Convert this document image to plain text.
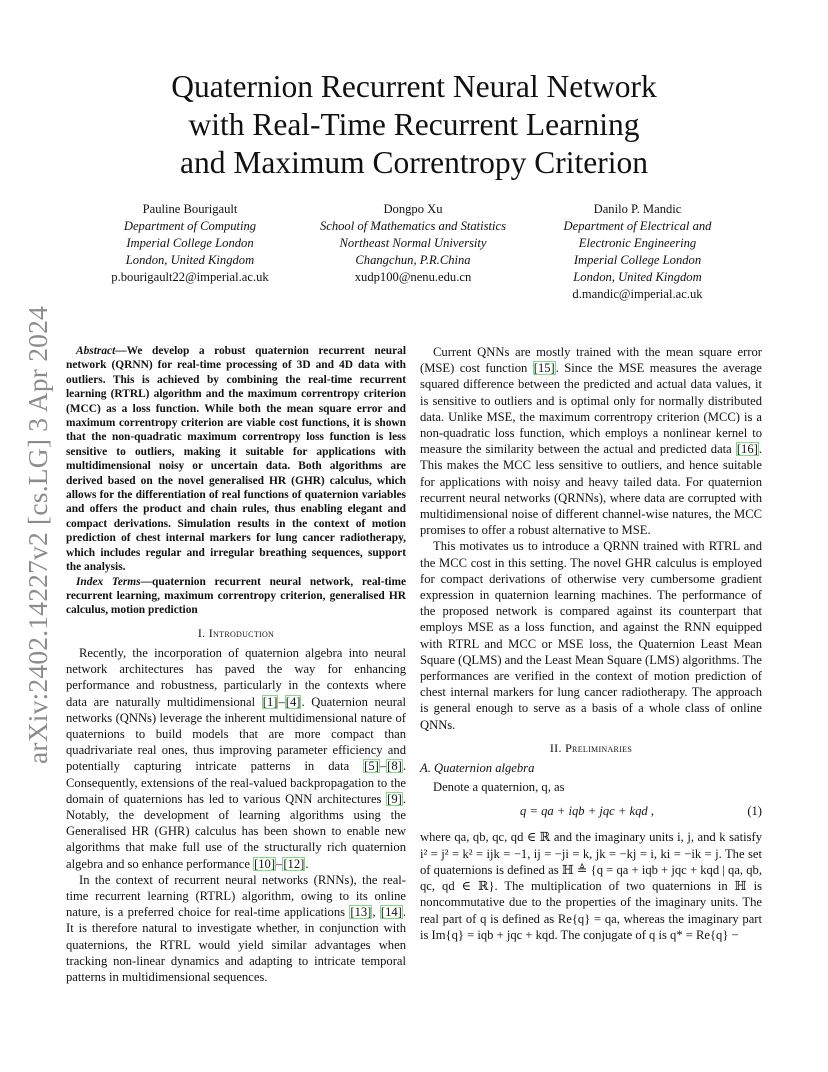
arXiv:2402.14227v2 [cs.LG] 3 Apr 2024
Quaternion Recurrent Neural Network
with Real-Time Recurrent Learning
and Maximum Correntropy Criterion
Pauline Bourigault
Department of Computing
Imperial College London
London, United Kingdom
p.bourigault22@imperial.ac.uk
Dongpo Xu
School of Mathematics and Statistics
Northeast Normal University
Changchun, P.R.China
xudp100@nenu.edu.cn
Danilo P. Mandic
Department of Electrical and
Electronic Engineering
Imperial College London
London, United Kingdom
d.mandic@imperial.ac.uk

Abstract—We develop a robust quaternion recurrent neural network (QRNN) for real-time processing of 3D and 4D data with outliers. This is achieved by combining the real-time recurrent learning (RTRL) algorithm and the maximum correntropy criterion (MCC) as a loss function. While both the mean square error and maximum correntropy criterion are viable cost functions, it is shown that the non-quadratic maximum correntropy loss function is less sensitive to outliers, making it suitable for applications with multidimensional noisy or uncertain data. Both algorithms are derived based on the novel generalised HR (GHR) calculus, which allows for the differentiation of real functions of quaternion variables and offers the product and chain rules, thus enabling elegant and compact derivations. Simulation results in the context of motion prediction of chest internal markers for lung cancer radiotherapy, which includes regular and irregular breathing sequences, support the analysis.

Index Terms—quaternion recurrent neural network, real-time recurrent learning, maximum correntropy criterion, generalised HR calculus, motion prediction

I. Introduction

Recently, the incorporation of quaternion algebra into neural network architectures has paved the way for enhancing performance and robustness, particularly in the contexts where data are naturally multidimensional [1]–[4]. Quaternion neural networks (QNNs) leverage the inherent multidimensional nature of quaternions to build models that are more compact than quadrivariate real ones, thus improving parameter efficiency and potentially capturing intricate patterns in data [5]–[8]. Consequently, extensions of the real-valued backpropagation to the domain of quaternions has led to various QNN architectures [9]. Notably, the development of learning algorithms using the Generalised HR (GHR) calculus has been shown to enable new algorithms that make full use of the structurally rich quaternion algebra and so enhance performance [10]–[12].

In the context of recurrent neural networks (RNNs), the real-time recurrent learning (RTRL) algorithm, owing to its online nature, is a preferred choice for real-time applications [13], [14]. It is therefore natural to investigate whether, in conjunction with quaternions, the RTRL would yield similar advantages when tracking non-linear dynamics and adapting to intricate temporal patterns in multidimensional sequences.

Current QNNs are mostly trained with the mean square error (MSE) cost function [15]. Since the MSE measures the average squared difference between the predicted and actual data values, it is sensitive to outliers and is optimal only for normally distributed data. Unlike MSE, the maximum correntropy criterion (MCC) is a non-quadratic loss function, which employs a nonlinear kernel to measure the similarity between the actual and predicted data [16]. This makes the MCC less sensitive to outliers, and hence suitable for applications with noisy and heavy tailed data. For quaternion recurrent neural networks (QRNNs), where data are corrupted with multidimensional noise of different channel-wise natures, the MCC promises to offer a robust alternative to MSE.

This motivates us to introduce a QRNN trained with RTRL and the MCC cost in this setting. The novel GHR calculus is employed for compact derivations of otherwise very cumbersome gradient expression in quaternion learning machines. The performance of the proposed network is compared against its counterpart that employs MSE as a loss function, and against the RNN equipped with RTRL and MCC or MSE loss, the Quaternion Least Mean Square (QLMS) and the Least Mean Square (LMS) algorithms. The performances are verified in the context of motion prediction of chest internal markers for lung cancer radiotherapy. The approach is general enough to serve as a basis of a whole class of online QNNs.

II. Preliminaries
A. Quaternion algebra

Denote a quaternion, q, as

q = qa + iqb + jqc + kqd ,	(1)

where qa, qb, qc, qd ∈ ℝ and the imaginary units i, j, and k satisfy i² = j² = k² = ijk = −1, ij = −ji = k, jk = −kj = i, ki = −ik = j. The set of quaternions is defined as ℍ ≜ {q = qa + iqb + jqc + kqd | qa, qb, qc, qd ∈ ℝ}. The multiplication of two quaternions in ℍ is noncommutative due to the properties of the imaginary units. The real part of q is defined as Re{q} = qa, whereas the imaginary part is Im{q} = iqb + jqc + kqd. The conjugate of q is q* = Re{q} −
